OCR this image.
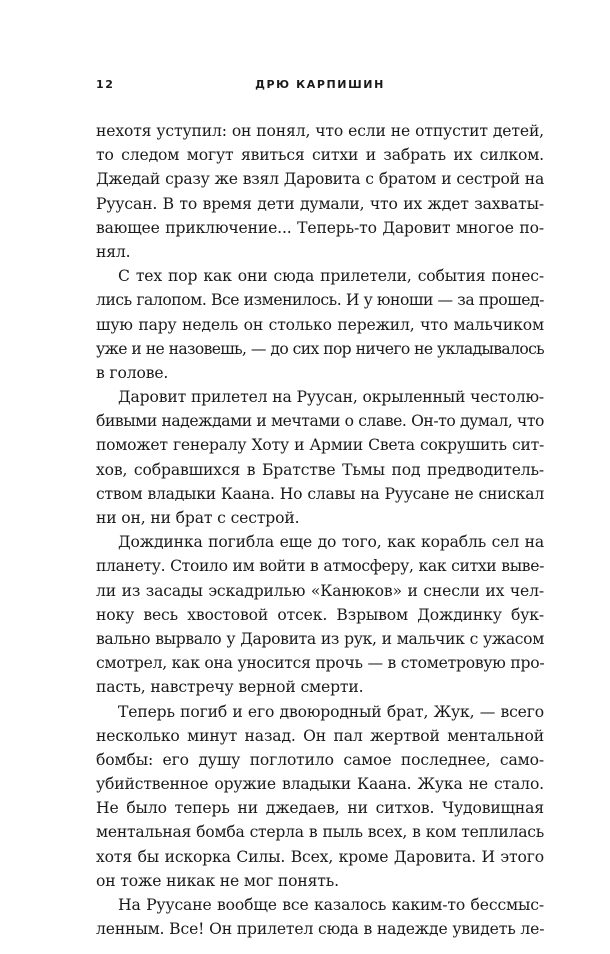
12	ДРЮ КАРПИШИН

нехотя уступил: он понял, что если не отпустит детей,
то следом могут явиться ситхи и забрать их силком.
Джедай сразу же взял Даровита с братом и сестрой на
Руусан. В то время дети думали, что их ждет захваты-
вающее приключение... Теперь-то Даровит многое по-
нял.

С тех пор как они сюда прилетели, события понес-
лись галопом. Все изменилось. И у юноши — за прошед-
шую пару недель он столько пережил, что мальчиком
уже и не назовешь, — до сих пор ничего не укладывалось
в голове.

Даровит прилетел на Руусан, окрыленный честолю-
бивыми надеждами и мечтами о славе. Он-то думал, что
поможет генералу Хоту и Армии Света сокрушить сит-
хов, собравшихся в Братстве Тьмы под предводитель-
ством владыки Каана. Но славы на Руусане не снискал
ни он, ни брат с сестрой.

Дождинка погибла еще до того, как корабль сел на
планету. Стоило им войти в атмосферу, как ситхи выве-
ли из засады эскадрилью «Канюков» и снесли их чел-
ноку весь хвостовой отсек. Взрывом Дождинку бук-
вально вырвало у Даровита из рук, и мальчик с ужасом
смотрел, как она уносится прочь — в стометровую про-
пасть, навстречу верной смерти.

Теперь погиб и его двоюродный брат, Жук, — всего
несколько минут назад. Он пал жертвой ментальной
бомбы: его душу поглотило самое последнее, само-
убийственное оружие владыки Каана. Жука не стало.
Не было теперь ни джедаев, ни ситхов. Чудовищная
ментальная бомба стерла в пыль всех, в ком теплилась
хотя бы искорка Силы. Всех, кроме Даровита. И этого
он тоже никак не мог понять.

На Руусане вообще все казалось каким-то бессмыс-
ленным. Все! Он прилетел сюда в надежде увидеть ле-
